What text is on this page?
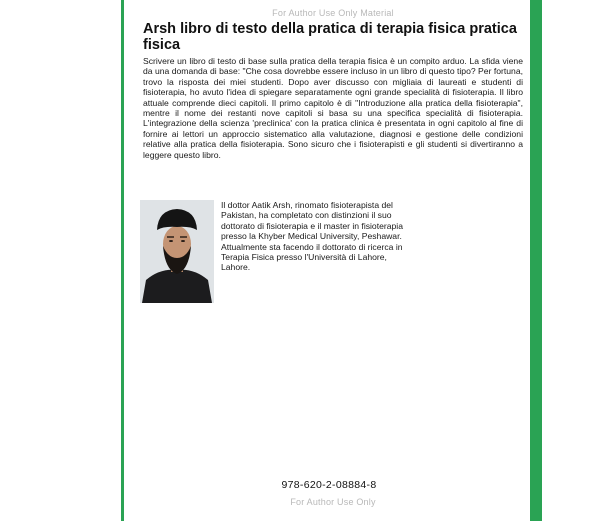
For Author Use Only Material
Arsh libro di testo della pratica di terapia fisica pratica fisica

Scrivere un libro di testo di base sulla pratica della terapia fisica è un compito arduo. La sfida viene da una domanda di base: "Che cosa dovrebbe essere incluso in un libro di questo tipo? Per fortuna, trovo la risposta dei miei studenti. Dopo aver discusso con migliaia di laureati e studenti di fisioterapia, ho avuto l'idea di spiegare separatamente ogni grande specialità di fisioterapia. Il libro attuale comprende dieci capitoli. Il primo capitolo è di "Introduzione alla pratica della fisioterapia", mentre il nome dei restanti nove capitoli si basa su una specifica specialità di fisioterapia. L'integrazione della scienza 'preclinica' con la pratica clinica è presentata in ogni capitolo al fine di fornire ai lettori un approccio sistematico alla valutazione, diagnosi e gestione delle condizioni relative alla pratica della fisioterapia. Sono sicuro che i fisioterapisti e gli studenti si divertiranno a leggere questo libro.

Il dottor Aatik Arsh, rinomato fisioterapista del Pakistan, ha completato con distinzioni il suo dottorato di fisioterapia e il master in fisioterapia presso la Khyber Medical University, Peshawar. Attualmente sta facendo il dottorato di ricerca in Terapia Fisica presso l'Università di Lahore, Lahore.

978-620-2-08884-8
For Author Use Only
